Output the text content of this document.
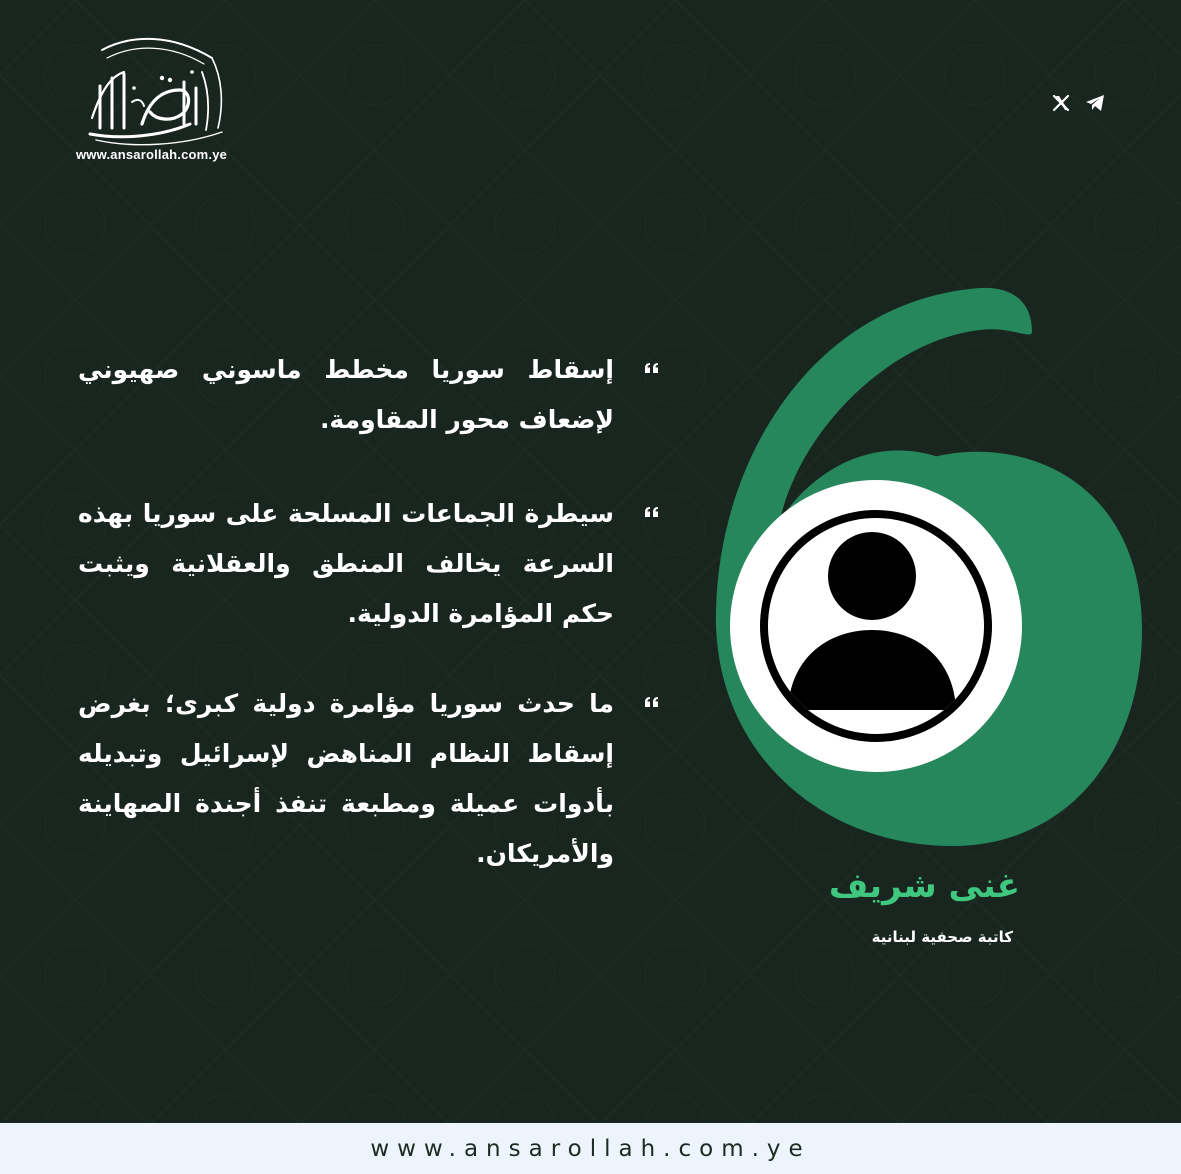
www.ansarollah.com.ye
إسقاط سوريا مخطط ماسوني صهيوني لإضعاف محور المقاومة.
سيطرة الجماعات المسلحة على سوريا بهذه السرعة يخالف المنطق والعقلانية ويثبت حكم المؤامرة الدولية.
ما حدث سوريا مؤامرة دولية كبرى؛ بغرض إسقاط النظام المناهض لإسرائيل وتبديله بأدوات عميلة ومطبعة تنفذ أجندة الصهاينة والأمريكان.
غنى شريف
كاتبة صحفية لبنانية
www.ansarollah.com.ye
